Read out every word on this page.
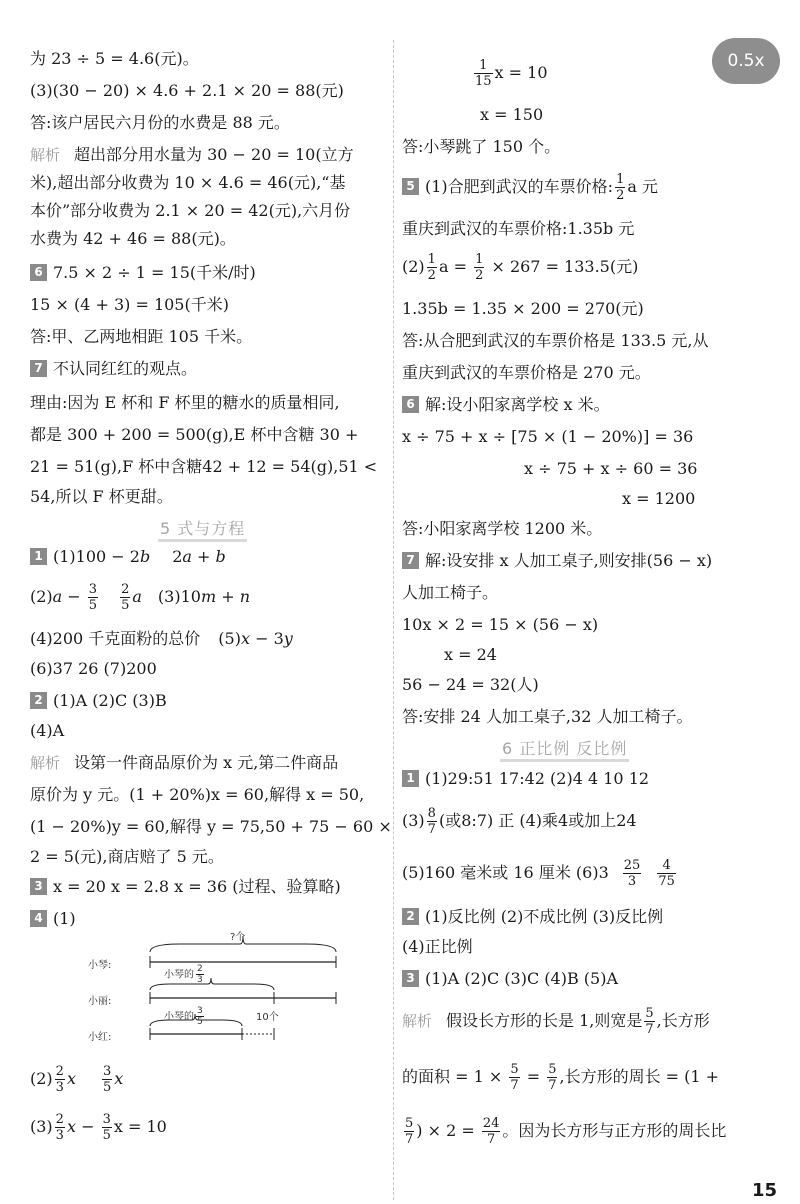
0.5x
为 23 ÷ 5 = 4.6(元)。
(3)(30 − 20) × 4.6 + 2.1 × 20 = 88(元)
答:该户居民六月份的水费是 88 元。
解析 超出部分用水量为 30 − 20 = 10(立方
米),超出部分收费为 10 × 4.6 = 46(元),“基
本价”部分收费为 2.1 × 20 = 42(元),六月份
水费为 42 + 46 = 88(元)。
6 7.5 × 2 ÷ 1 = 15(千米/时)
15 × (4 + 3) = 105(千米)
答:甲、乙两地相距 105 千米。
7 不认同红红的观点。
理由:因为 E 杯和 F 杯里的糖水的质量相同,
都是 300 + 200 = 500(g),E 杯中含糖 30 +
21 = 51(g),F 杯中含糖42 + 12 = 54(g),51 <
54,所以 F 杯更甜。
5 式与方程
1 (1)100 − 2b 2a + b
$(2)a - \frac{3}{5} \frac{2}{5}$ a (3)10m + n
(4)200 千克面粉的总价 (5)x − 3y
(6)37 26 (7)200
2 (1)A (2)C (3)B
(4)A
解析 设第一件商品原价为 x 元,第二件商品
原价为 y 元。(1 + 20%)x = 60,解得 x = 50,
(1 − 20%)y = 60,解得 y = 75,50 + 75 − 60 ×
2 = 5(元),商店赔了 5 元。
3 x = 20 x = 2.8 x = 36 (过程、验算略)
4 (1)
?个
小琴:
小丽:
小红:
小琴的 $\frac{2}{3}$
小琴的 $\frac{3}{5}$	10个
$(2) \frac{2}{3}$ x $\frac{3}{5}$ x
$(3) \frac{2}{3}$ $x - \frac{3}{5}$ x = 10
$\frac{1}{15}$ x = 10
x = 150
答:小琴跳了 150 个。
5 (1)合肥到武汉的车票价格: $\frac{1}{2}$ a 元
重庆到武汉的车票价格:1.35b 元
$(2) \frac{1}{2}$ $a = \frac{1}{2} \times 267 = 133.5$(元)
1.35b = 1.35 × 200 = 270(元)
答:从合肥到武汉的车票价格是 133.5 元,从
重庆到武汉的车票价格是 270 元。
6 解:设小阳家离学校 x 米。
x ÷ 75 + x ÷ [75 × (1 − 20%)] = 36
x ÷ 75 + x ÷ 60 = 36
x = 1200
答:小阳家离学校 1200 米。
7 解:设安排 x 人加工桌子,则安排(56 − x)
人加工椅子。
10x × 2 = 15 × (56 − x)
x = 24
56 − 24 = 32(人)
答:安排 24 人加工桌子,32 人加工椅子。
6 正比例 反比例
1 (1)29:51 17:42 (2)4 4 10 12
$(3) \frac{8}{7}$ (或8:7) 正 (4)乘4或加上24
(5)160 毫米或 16 厘米 $(6)3 \frac{25}{3} \frac{4}{75}$
2 (1)反比例 (2)不成比例 (3)反比例
(4)正比例
3 (1)A (2)C (3)C (4)B (5)A
解析 假设长方形的长是 1,则宽是 $\frac{5}{7}$ ,长方形
的面积 = $1 \times \frac{5}{7} = \frac{5}{7}$ ,长方形的周长 = (1 +
$\frac{5}{7}$ ) × $2 = \frac{24}{7}$ 。因为长方形与正方形的周长比
15
